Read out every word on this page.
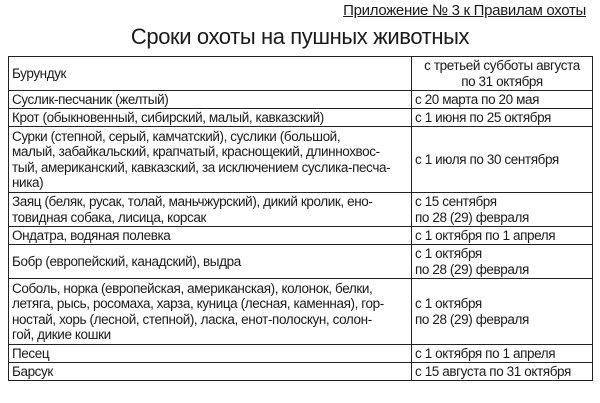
Приложение № 3 к Правилам охоты
Сроки охоты на пушных животных
Бурундук	с третьей субботы августа
по 31 октября

Суслик-песчаник (желтый)	с 20 марта по 20 мая

Крот (обыкновенный, сибирский, малый, кавказский)	с 1 июня по 25 октября

Сурки (степной, серый, камчатский), суслики (большой,
малый, забайкальский, крапчатый, краснощекий, длиннохвос-
тый, американский, кавказский, за исключением суслика-песча-
ника)	с 1 июля по 30 сентября

Заяц (беляк, русак, толай, маньчжурский), дикий кролик, ено-
товидная собака, лисица, корсак	с 15 сентября
по 28 (29) февраля

Ондатра, водяная полевка	с 1 октября по 1 апреля

Бобр (европейский, канадский), выдра	с 1 октября
по 28 (29) февраля

Соболь, норка (европейская, американская), колонок, белки,
летяга, рысь, росомаха, харза, куница (лесная, каменная), гор-
ностай, хорь (лесной, степной), ласка, енот-полоскун, солон-
гой, дикие кошки	с 1 октября
по 28 (29) февраля

Песец	с 1 октября по 1 апреля

Барсук	с 15 августа по 31 октября
